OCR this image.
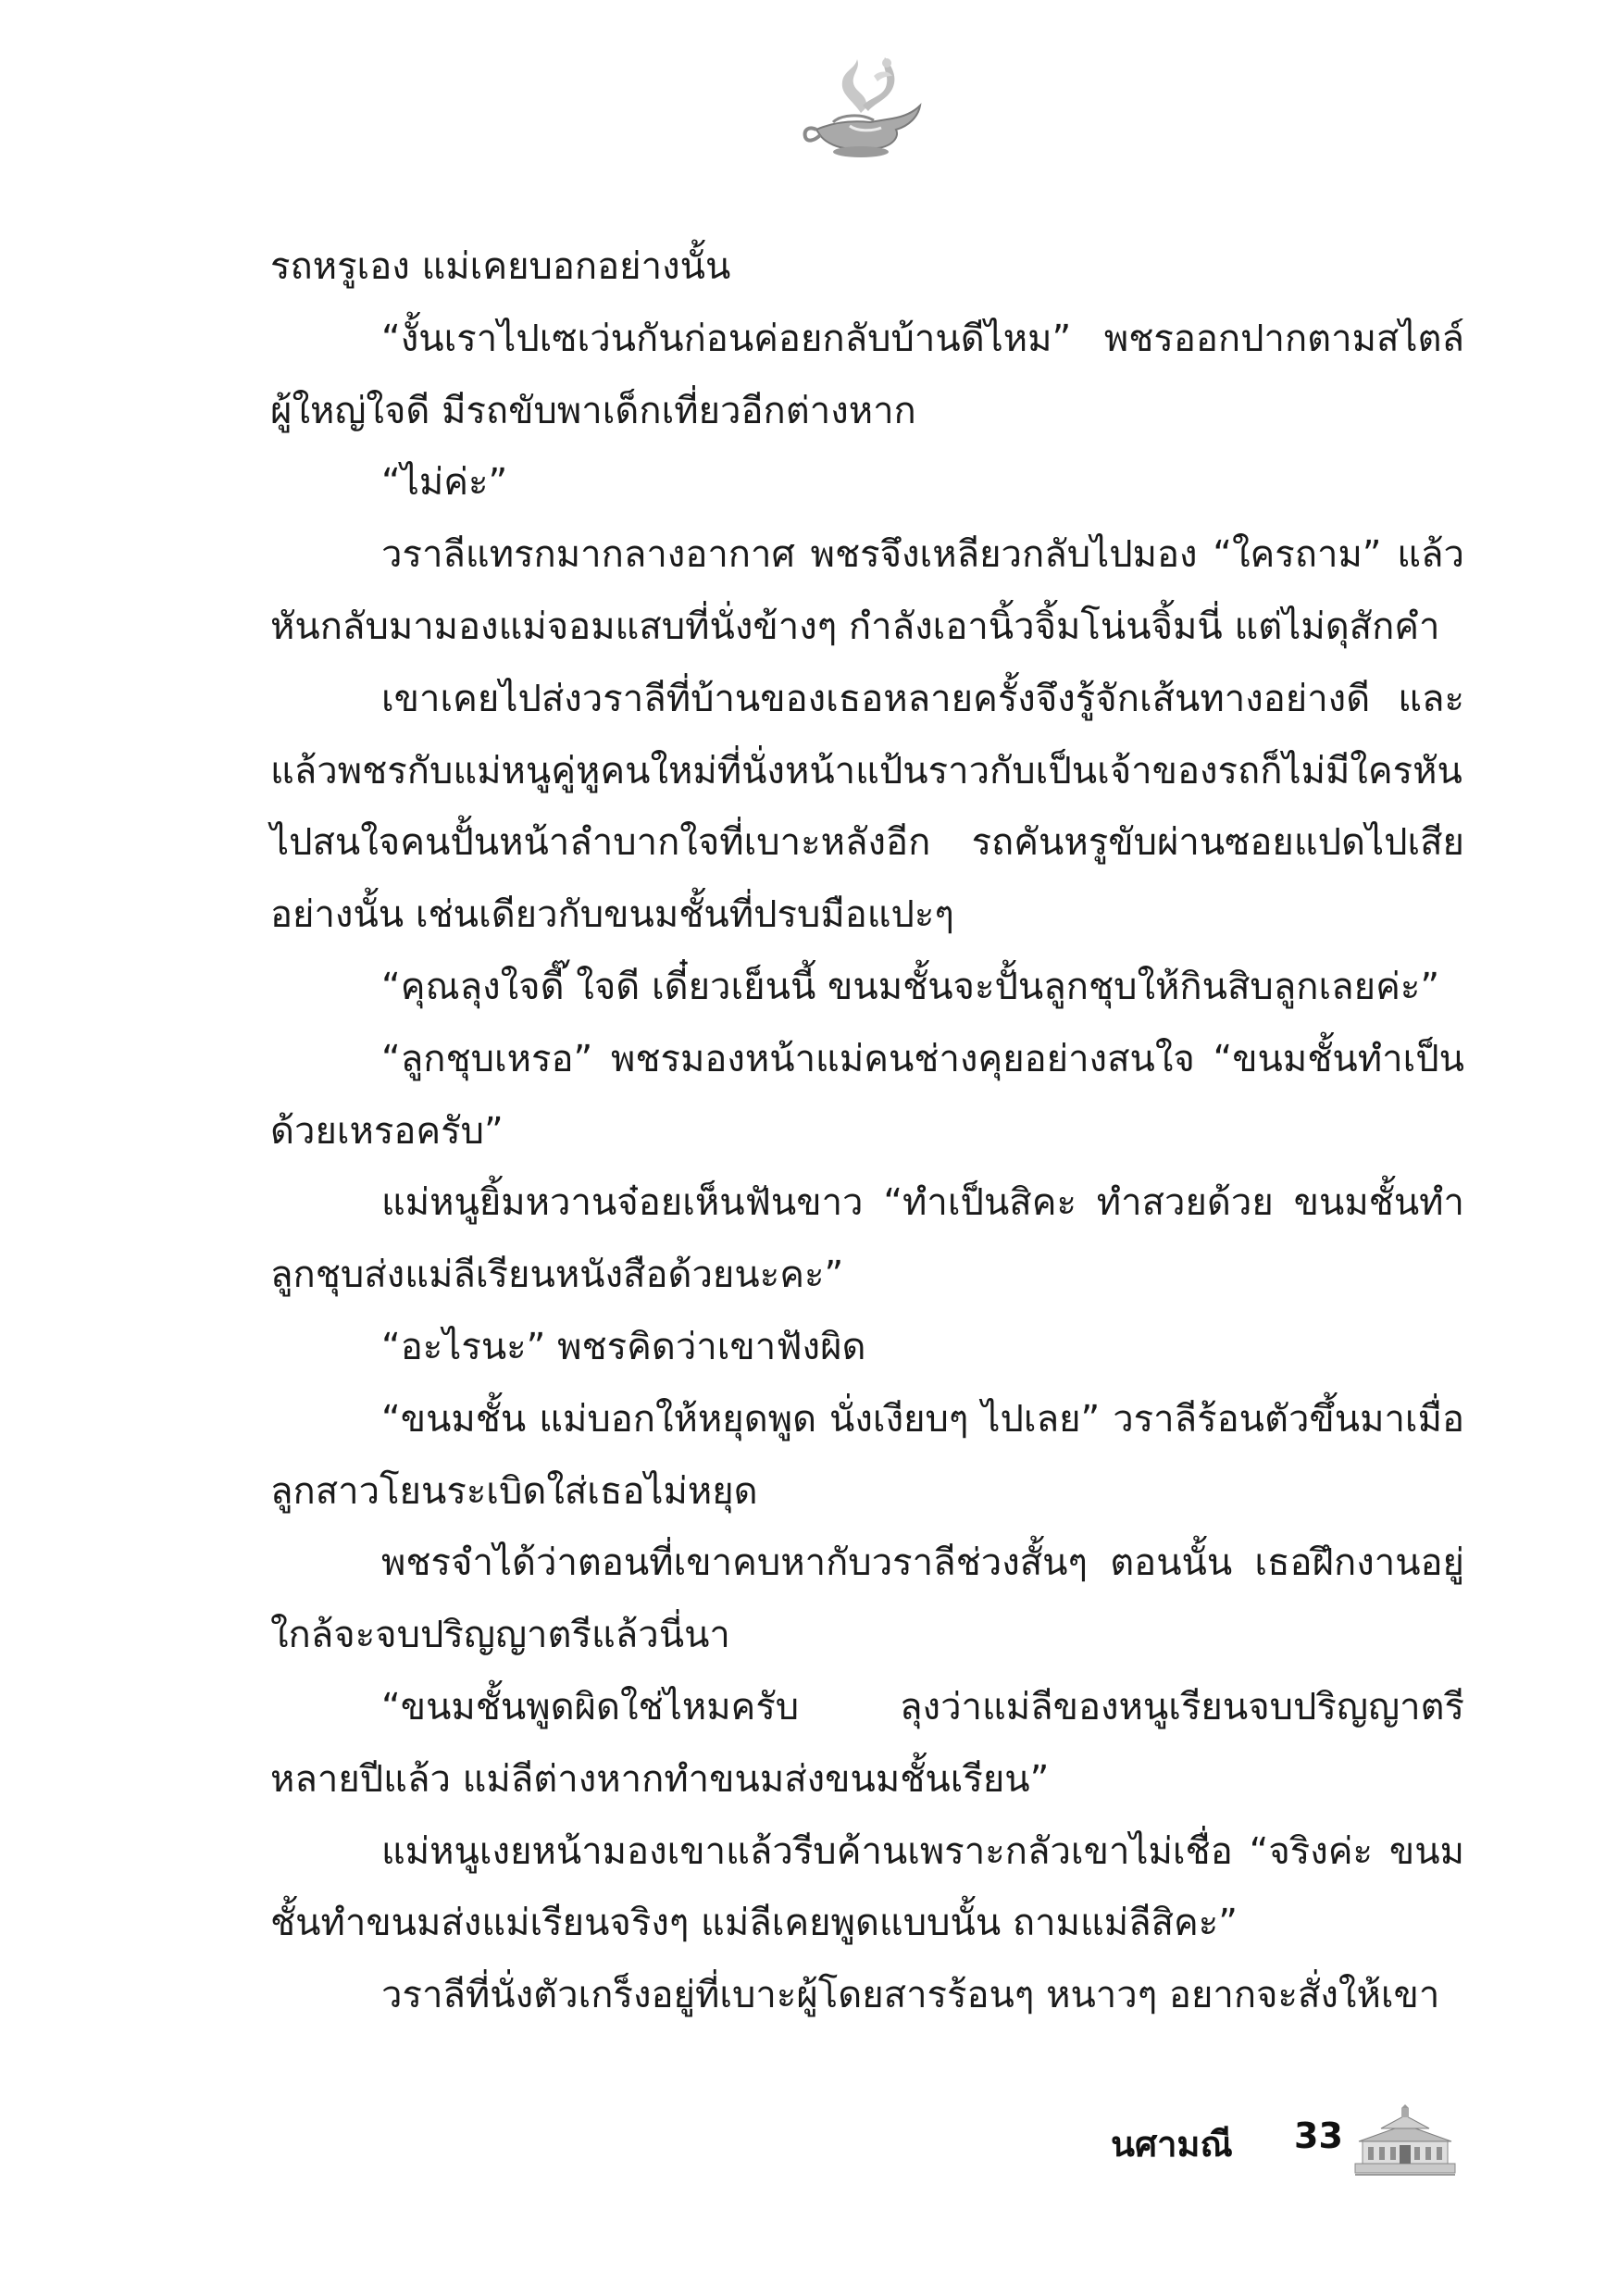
รถหรูเอง แม่เคยบอกอย่างนั้น

“งั้นเราไปเซเว่นกันก่อนค่อยกลับบ้านดีไหม” พชรออกปากตามสไตล์ผู้ใหญ่ใจดี มีรถขับพาเด็กเที่ยวอีกต่างหาก

“ไม่ค่ะ”

วราลีแทรกมากลางอากาศ พชรจึงเหลียวกลับไปมอง “ใครถาม” แล้วหันกลับมามองแม่จอมแสบที่นั่งข้างๆ กำลังเอานิ้วจิ้มโน่นจิ้มนี่ แต่ไม่ดุสักคำ

เขาเคยไปส่งวราลีที่บ้านของเธอหลายครั้งจึงรู้จักเส้นทางอย่างดี และแล้วพชรกับแม่หนูคู่หูคนใหม่ที่นั่งหน้าแป้นราวกับเป็นเจ้าของรถก็ไม่มีใครหันไปสนใจคนปั้นหน้าลำบากใจที่เบาะหลังอีก รถคันหรูขับผ่านซอยแปดไปเสียอย่างนั้น เช่นเดียวกับขนมชั้นที่ปรบมือแปะๆ

“คุณลุงใจดี๊ ใจดี เดี๋ยวเย็นนี้ ขนมชั้นจะปั้นลูกชุบให้กินสิบลูกเลยค่ะ”

“ลูกชุบเหรอ” พชรมองหน้าแม่คนช่างคุยอย่างสนใจ “ขนมชั้นทำเป็นด้วยเหรอครับ”

แม่หนูยิ้มหวานจ๋อยเห็นฟันขาว “ทำเป็นสิคะ ทำสวยด้วย ขนมชั้นทำลูกชุบส่งแม่ลีเรียนหนังสือด้วยนะคะ”

“อะไรนะ” พชรคิดว่าเขาฟังผิด

“ขนมชั้น แม่บอกให้หยุดพูด นั่งเงียบๆ ไปเลย” วราลีร้อนตัวขึ้นมาเมื่อลูกสาวโยนระเบิดใส่เธอไม่หยุด

พชรจำได้ว่าตอนที่เขาคบหากับวราลีช่วงสั้นๆ ตอนนั้น เธอฝึกงานอยู่ใกล้จะจบปริญญาตรีแล้วนี่นา

“ขนมชั้นพูดผิดใช่ไหมครับ ลุงว่าแม่ลีของหนูเรียนจบปริญญาตรีหลายปีแล้ว แม่ลีต่างหากทำขนมส่งขนมชั้นเรียน”

แม่หนูเงยหน้ามองเขาแล้วรีบค้านเพราะกลัวเขาไม่เชื่อ “จริงค่ะ ขนมชั้นทำขนมส่งแม่เรียนจริงๆ แม่ลีเคยพูดแบบนั้น ถามแม่ลีสิคะ”

วราลีที่นั่งตัวเกร็งอยู่ที่เบาะผู้โดยสารร้อนๆ หนาวๆ อยากจะสั่งให้เขา

นศามณี 33
